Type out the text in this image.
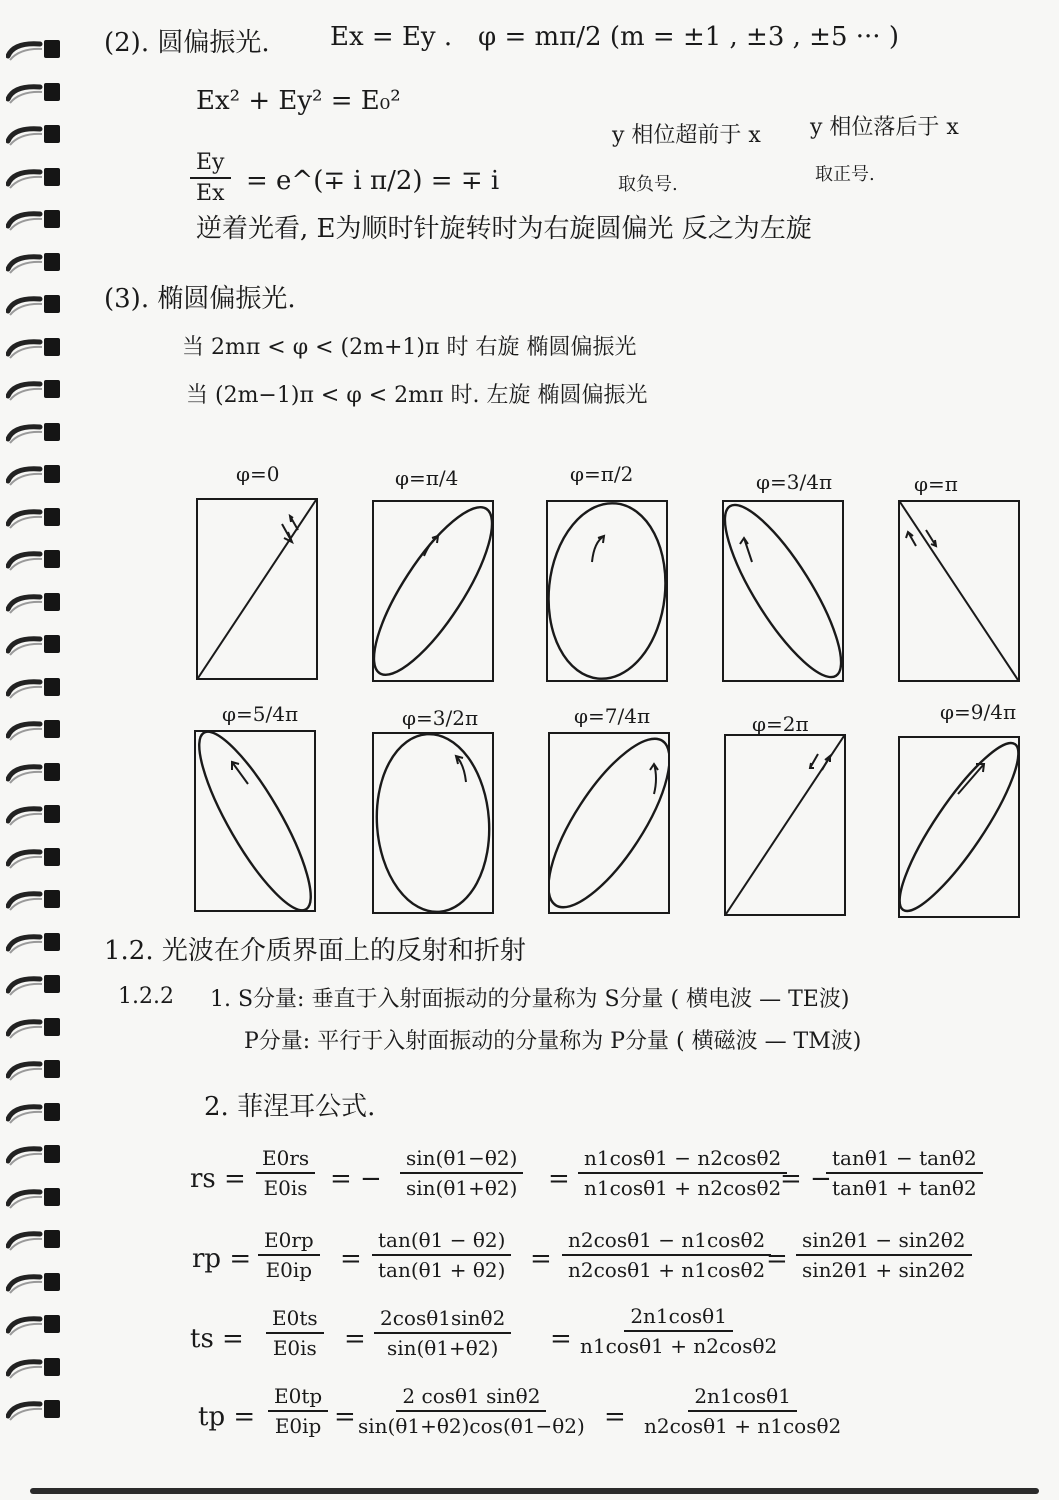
(2). 圆偏振光. Ex = Ey . φ = mπ/2 (m = ±1 , ±3 , ±5 ··· )
Ex² + Ey² = E₀²
$\frac{Ey}{Ex}$ = e^(∓ i π/2) = ∓ i
y 相位超前于 x
取负号.
y 相位落后于 x
取正号.
逆着光看, E为顺时针旋转时为右旋圆偏光 反之为左旋
(3). 椭圆偏振光.
当 2mπ < φ < (2m+1)π 时 右旋 椭圆偏振光
当 (2m−1)π < φ < 2mπ 时. 左旋 椭圆偏振光
φ=0	φ=π/4	φ=π/2	φ=3/4π	φ=π
φ=5/4π	φ=3/2π	φ=7/4π	φ=2π	φ=9/4π
1.2. 光波在介质界面上的反射和折射
1.2.2 1. S分量: 垂直于入射面振动的分量称为 S分量 ( 横电波 — TE波)
P分量: 平行于入射面振动的分量称为 P分量 ( 横磁波 — TM波)
2. 菲涅耳公式.
rs = $\frac{E0rs}{E0is}$ = − $\frac{\sin(\theta 1-\theta 2)}{\sin(\theta 1+\theta 2)} = \frac{n1\cos\theta 1 - n2\cos\theta 2}{n1\cos\theta 1 + n2\cos\theta 2}$
= −
$\frac{\tan\theta 1 - \tan\theta 2}{\tan\theta 1 + \tan\theta 2}$
rp = $\frac{E0rp}{E0ip} = \frac{\tan(\theta 1 - \theta 2)}{\tan(\theta 1 + \theta 2)} = \frac{n2\cos\theta 1 - n1\cos\theta 2}{n2\cos\theta 1 + n1\cos\theta 2}$
= $\frac{\sin 2\theta 1 - \sin 2\theta 2}{\sin 2\theta 1 + \sin 2\theta 2}$
ts = $\frac{E0ts}{E0is} = \frac{2\cos\theta 1\sin\theta 2}{\sin(\theta 1+\theta 2)} = \frac{2n1\cos\theta 1}{n1\cos\theta 1 + n2\cos\theta 2}$
tp = $\frac{E0tp}{E0ip} = \frac{2 \cos\theta 1 \sin\theta 2}{\sin(\theta 1+\theta 2)\cos(\theta 1-\theta 2)} = \frac{2n1\cos\theta 1}{n2\cos\theta 1 + n1\cos\theta 2}$
